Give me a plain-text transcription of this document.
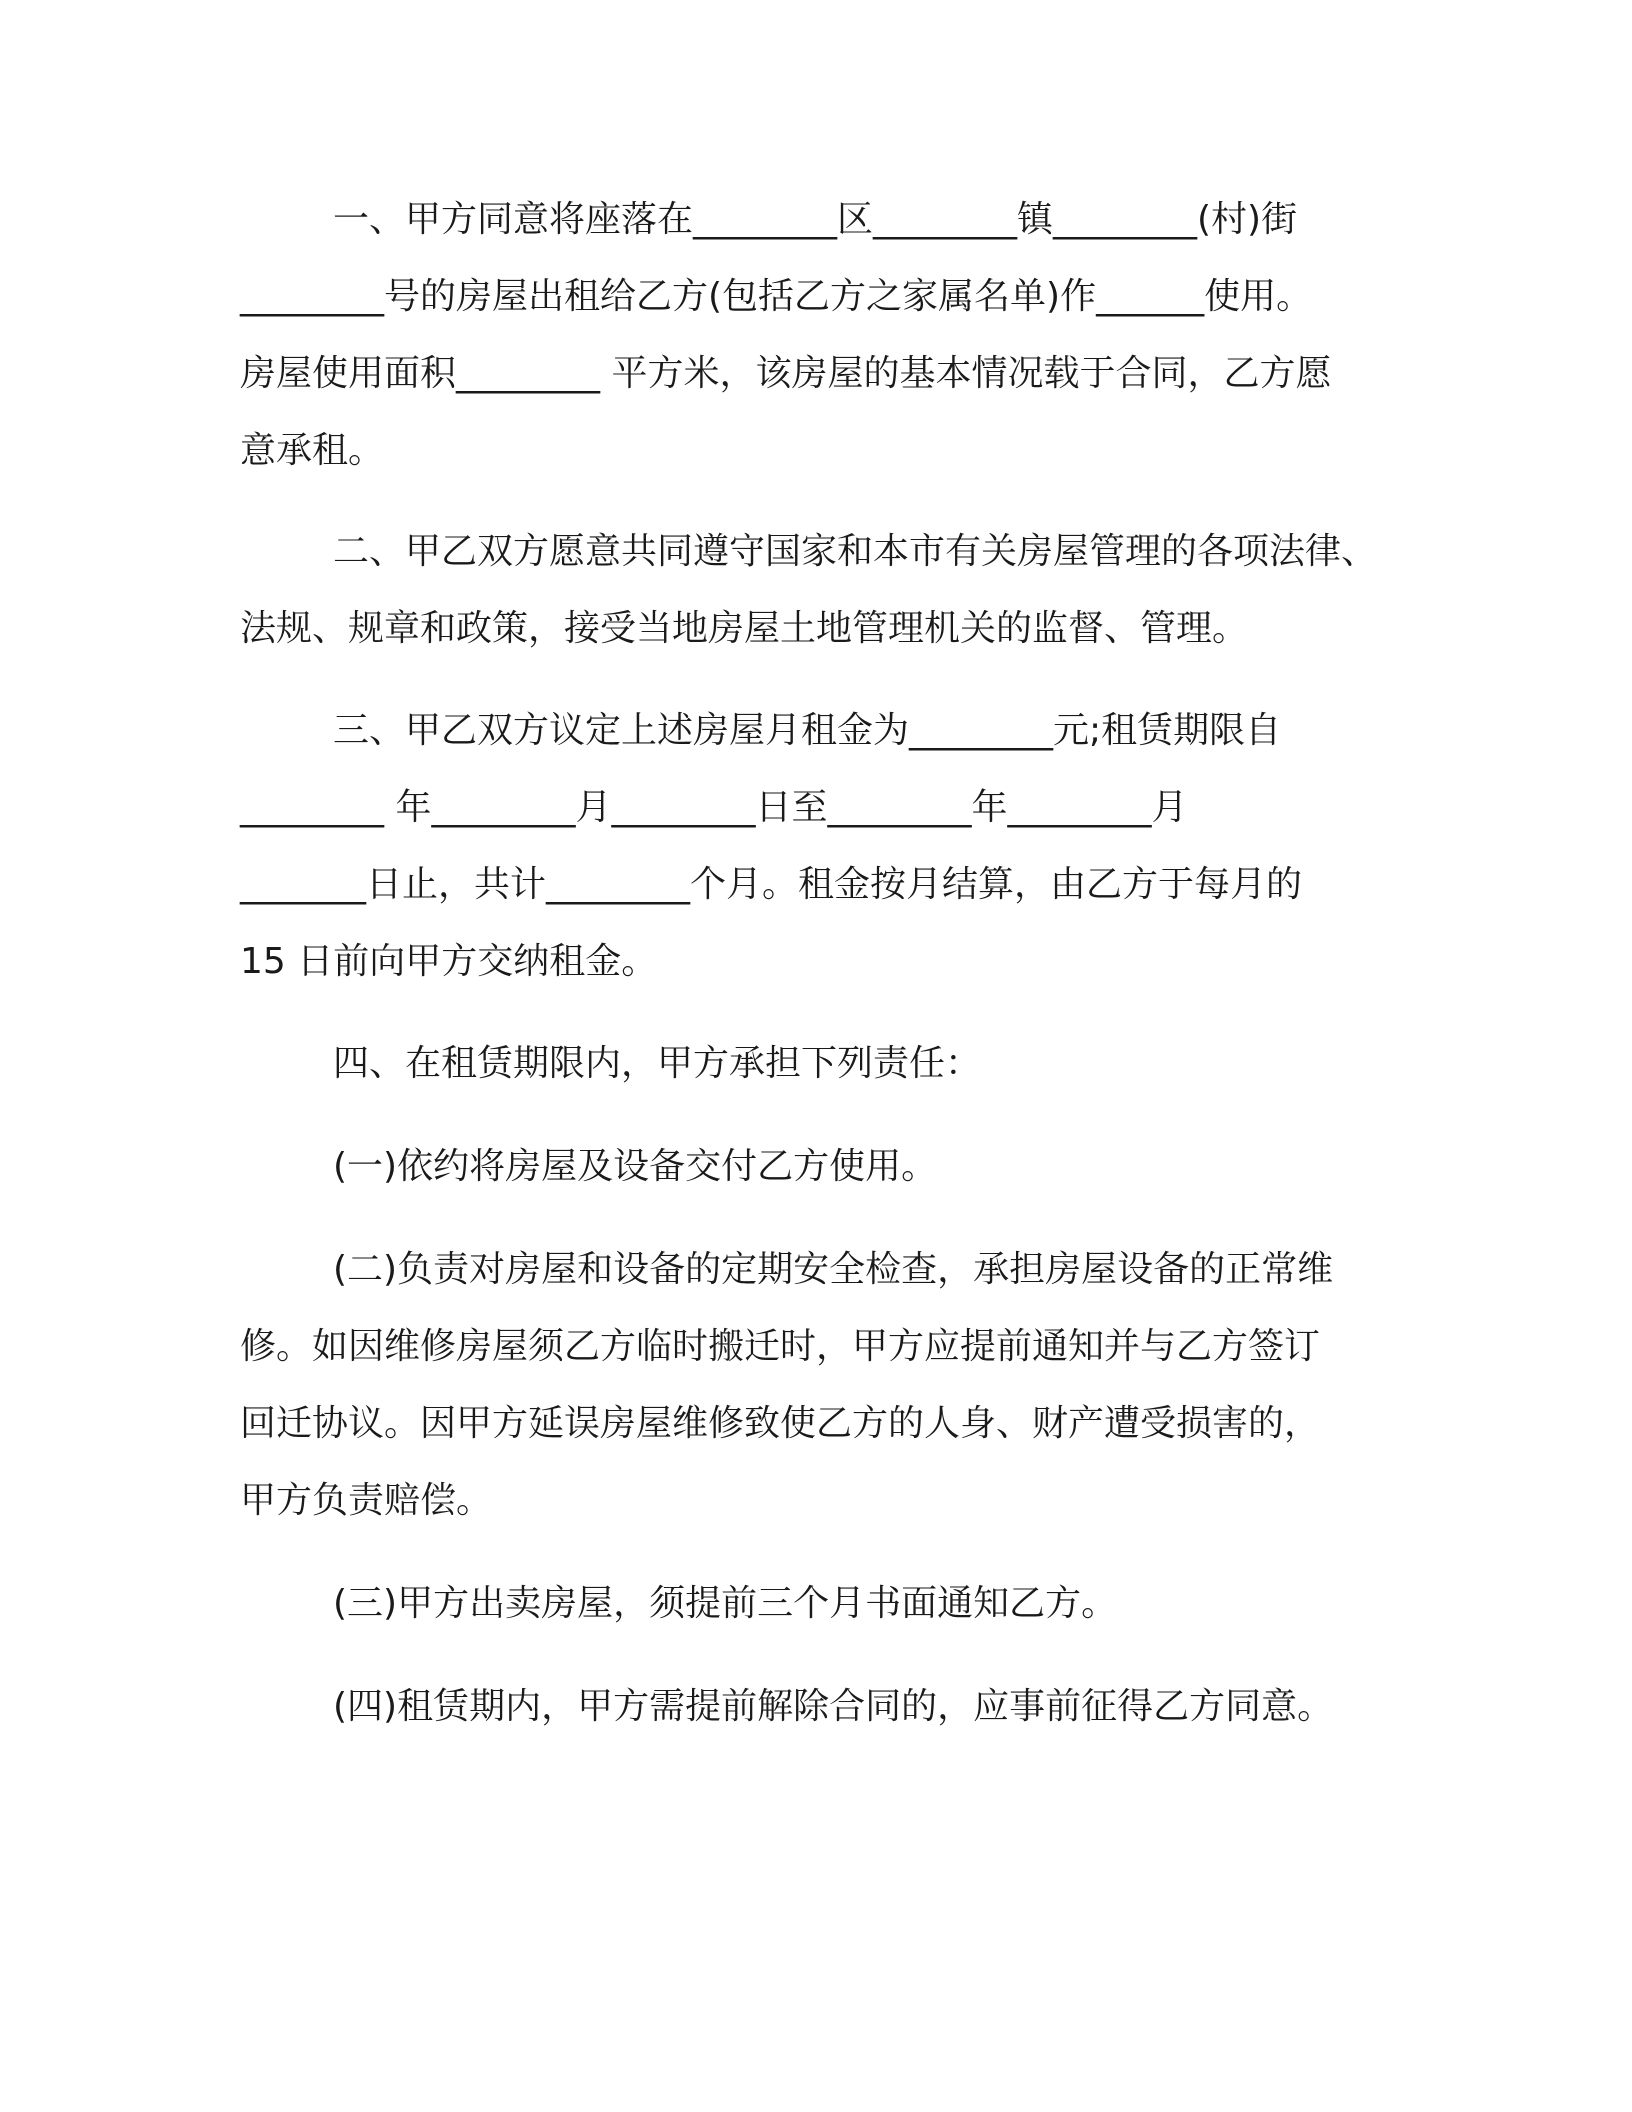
一、甲方同意将座落在________区________镇________(村)街
________号的房屋出租给乙方(包括乙方之家属名单)作______使用。
房屋使用面积________ 平方米，该房屋的基本情况载于合同，乙方愿
意承租。
二、甲乙双方愿意共同遵守国家和本市有关房屋管理的各项法律、
法规、规章和政策，接受当地房屋土地管理机关的监督、管理。
三、甲乙双方议定上述房屋月租金为________元;租赁期限自
________ 年________月________日至________年________月
_______日止，共计________个月。租金按月结算，由乙方于每月的
15 日前向甲方交纳租金。
四、在租赁期限内，甲方承担下列责任：
(一)依约将房屋及设备交付乙方使用。
(二)负责对房屋和设备的定期安全检查，承担房屋设备的正常维
修。如因维修房屋须乙方临时搬迁时，甲方应提前通知并与乙方签订
回迁协议。因甲方延误房屋维修致使乙方的人身、财产遭受损害的，
甲方负责赔偿。
(三)甲方出卖房屋，须提前三个月书面通知乙方。
(四)租赁期内，甲方需提前解除合同的，应事前征得乙方同意。
